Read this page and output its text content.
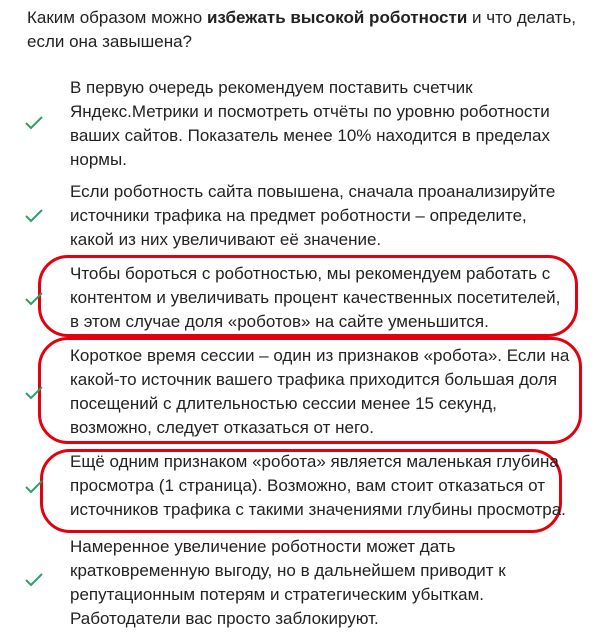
Каким образом можно избежать высокой роботности и что делать, если она завышена?

В первую очередь рекомендуем поставить счетчик Яндекс.Метрики и посмотреть отчёты по уровню роботности ваших сайтов. Показатель менее 10% находится в пределах нормы.

Если роботность сайта повышена, сначала проанализируйте источники трафика на предмет роботности – определите, какой из них увеличивают её значение.

Чтобы бороться с роботностью, мы рекомендуем работать с контентом и увеличивать процент качественных посетителей, в этом случае доля «роботов» на сайте уменьшится.

Короткое время сессии – один из признаков «робота». Если на какой-то источник вашего трафика приходится большая доля посещений с длительностью сессии менее 15 секунд, возможно, следует отказаться от него.

Ещё одним признаком «робота» является маленькая глубина просмотра (1 страница). Возможно, вам стоит отказаться от источников трафика с такими значениями глубины просмотра.

Намеренное увеличение роботности может дать кратковременную выгоду, но в дальнейшем приводит к репутационным потерям и стратегическим убыткам. Работодатели вас просто заблокируют.
